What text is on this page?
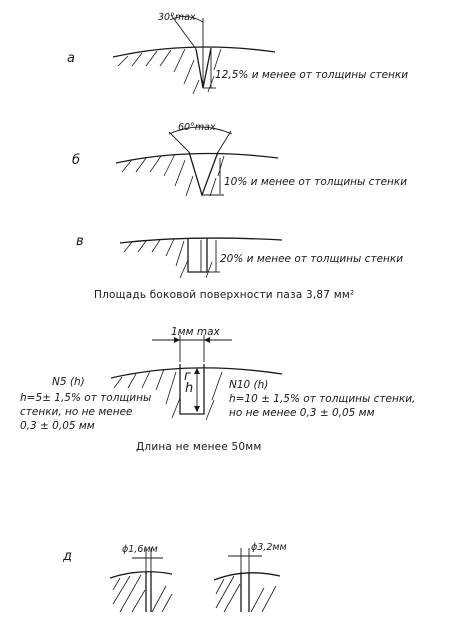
а
30°max
12,5% и менее от толщины стенки
б
60°max
10% и менее от толщины стенки
в
20% и менее от толщины стенки
Площадь боковой поверхности паза 3,87 мм²
1мм max
г
h
N5 (h)
h=5± 1,5% от толщины
стенки, но не менее
0,3 ± 0,05 мм
N10 (h)
h=10 ± 1,5% от толщины стенки,
но не менее 0,3 ± 0,05 мм
Длина не менее 50мм
д	ϕ1,6мм	ϕ3,2мм
